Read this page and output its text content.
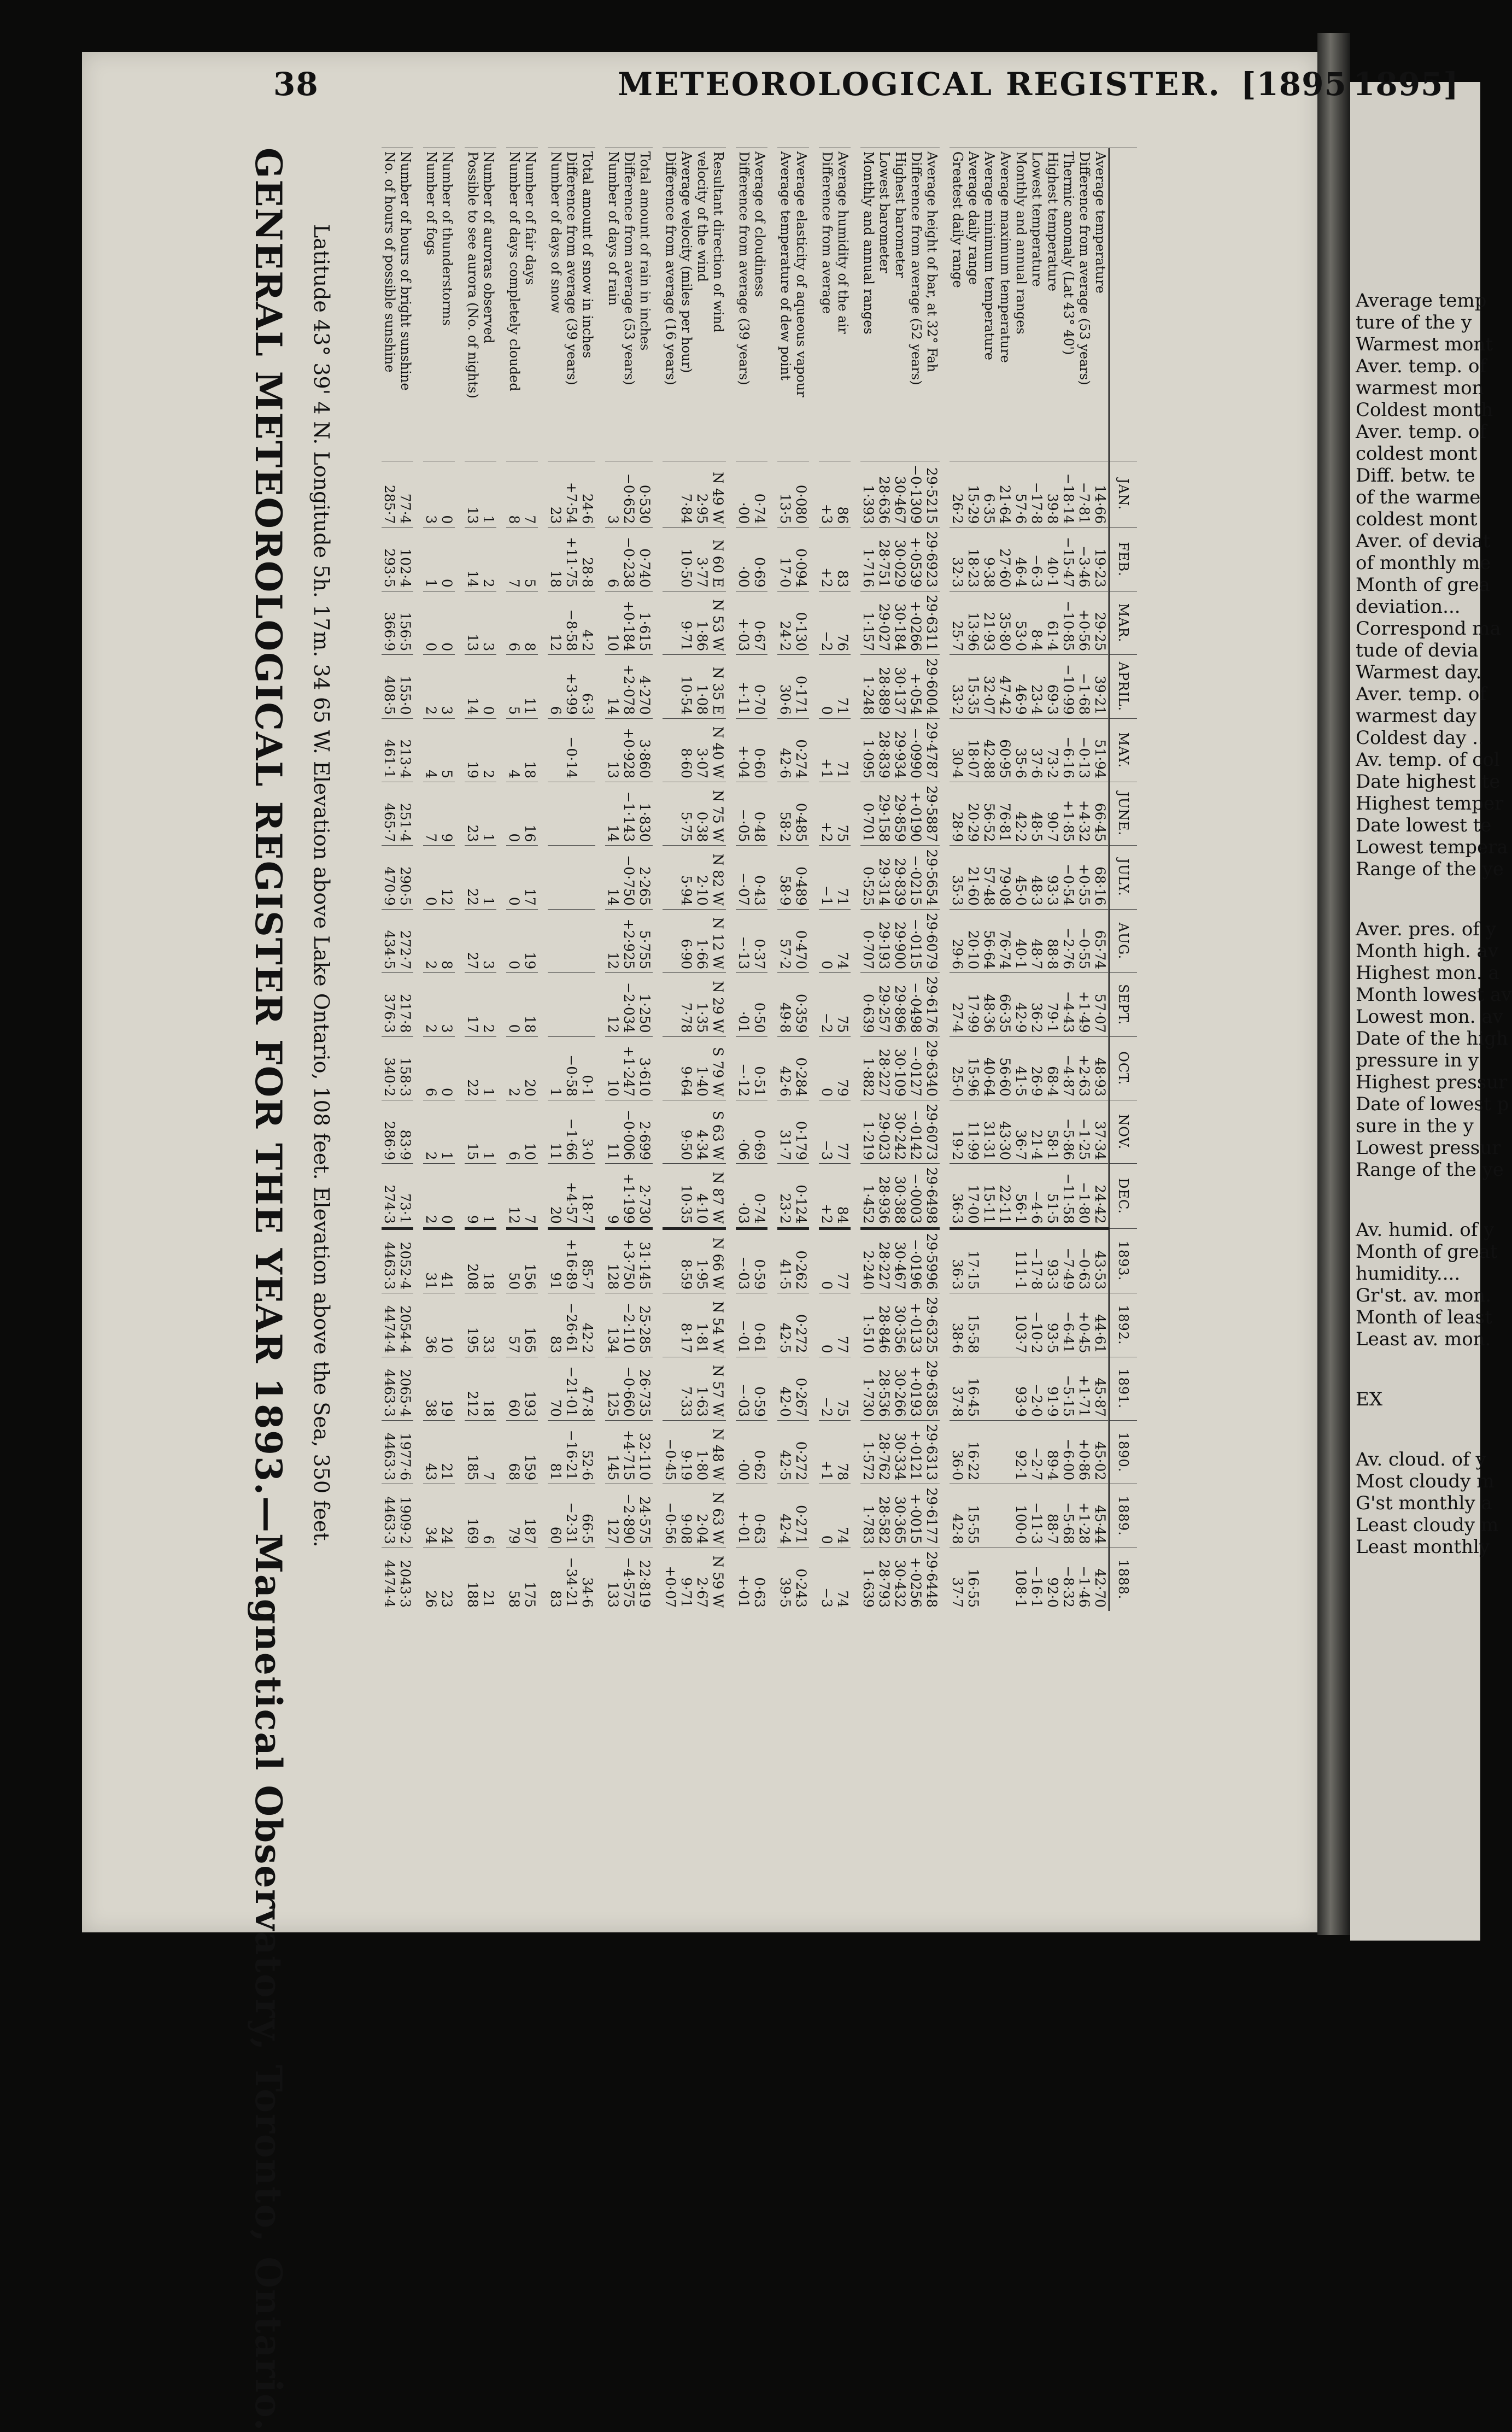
Average temp
ture of the y
Warmest mont
Aver. temp. of
warmest mon
Coldest month
Aver. temp. of
coldest mont
Diff. betw. te
of the warme
coldest mont
Aver. of deviat
of monthly me
Month of grea
deviation...
Correspond ma
tude of devia
Warmest day.
Aver. temp. of
warmest day
Coldest day ..
Av. temp. of col
Date highest te
Highest temper
Date lowest te
Lowest tempera
Range of the ye
Aver. pres. of y
Month high. av
Highest mon. a
Month lowest av
Lowest mon. av
Date of the high
pressure in y
Highest pressur
Date of lowest p
sure in the y
Lowest pressur
Range of the ye
Av. humid. of y
Month of great
humidity....
Gr'st. av. mon.
Month of least
Least av. mon.
EX
Av. cloud. of y
Most cloudy m
G'st monthly a
Least cloudy m
Least monthly
38	METEOROLOGICAL REGISTER. [1895 1895]
GENERAL METEOROLOGICAL REGISTER FOR THE YEAR 1893.—Magnetical Observatory, Toronto, Ontario. Latitude 43° 39' 4 N. Longitude 5h. 17m. 34 65 W. Elevation above Lake Ontario, 108 feet. Elevation above the Sea, 350 feet.
		JAN.	FEB.	MAR.	APRIL.	MAY.	JUNE.	JULY.	AUG.	SEPT.	OCT.	NOV.	DEC.	1893.	1892.	1891.	1890.	1889.	1888.
Average temperature	14·66	19·23	29·25	39·21	51·94	66·45	68·16	65·74	57·07	48·93	37·34	24·42	43·53	44·61	45·87	45·02	45·44	42·70
Difference from average (53 years)	−7·81	−3·46	+0·56	−1·68	−0·13	+4·32	+0·55	−0·55	+1·49	+2·63	−1·25	−1·80	−0·63	+0·45	+1·71	+0·86	+1·28	−1·46
Thermic anomaly (Lat 43° 40')	−18·14	−15·47	−10·85	−10·99	−6·16	+1·85	−0·54	−2·76	−4·43	−4·87	−5·86	−11·58	−7·49	−6·41	−5·15	−6·00	−5·68	−8·32
Highest temperature	39·8	40·1	61·4	69·3	73·2	90·7	93·3	88·8	79·1	68·4	58·1	51·5	93·3	93·5	91·9	89·4	88·7	92·0
Lowest temperature	−17·8	−6·3	8·4	23·4	37·6	48·5	48·3	48·7	36·2	26·9	21·4	−4·6	−17·8	−10·2	−2·0	−2·7	−11·3	−16·1
Monthly and annual ranges	57·6	46·4	53·0	46·9	35·6	42·2	45·0	40·1	42·9	41·5	36·7	56·1	111·1	103·7	93·9	92·1	100·0	108·1
Average maximum temperature	21·64	27·60	35·80	47·42	60·95	76·81	79·08	76·74	66·35	56·60	43·30	22·11						
Average minimum temperature	6·35	9·38	21·93	32·07	42·88	56·52	57·48	56·64	48·36	40·64	31·31	15·11						
Average daily range	15·29	18·23	13·96	15·35	18·07	20·29	21·60	20·10	17·99	15·96	11·99	17·00	17·15	15·58	16·45	16·22	15·55	16·55
Greatest daily range	26·2	32·3	25·7	33·2	30·4	28·9	35·3	29·6	27·4	25·0	19·2	36·3	36·3	38·6	37·8	36·0	42·8	37·7

Average height of bar, at 32° Fah	29·5215	29·6923	29·6311	29·6004	29·4787	29·5887	29·5654	29·6079	29·6176	29·6340	29·6073	29·6498	29·5996	29·6325	29·6385	29·6313	29·6177	29·6448
Difference from average (52 years)	−0·1309	+·0539	+·0266	+·054	−·0990	+·0190	−·0215	−·0115	−·0498	−·0127	−·0142	−·0003	−·0196	+·0133	+·0193	+·0121	+·0015	+·0256
Highest barometer	30·467	30·029	30·184	30·137	29·934	29·859	29·839	29·900	29·896	30·109	30·242	30·388	30·467	30·356	30·266	30·334	30·365	30·432
Lowest barometer	28·636	28·751	29·027	28·889	28·839	29·158	29·314	29·193	29·257	28·227	29·023	28·936	28·227	28·846	28·536	28·762	28·582	28·793
Monthly and annual ranges	1·393	1·716	1·157	1·248	1·095	0·701	0·525	0·707	0·639	1·882	1·219	1·452	2·240	1·510	1·730	1·572	1·783	1·639

Average humidity of the air	86	83	76	71	71	75	71	74	75	79	77	84	77	77	75	78	74	74
Difference from average	+3	+2	−2	0	+1	+2	−1	0	−2	0	−3	+2	0	0	−2	+1	0	−3

Average elasticity of aqueous vapour	0·080	0·094	0·130	0·171	0·274	0·485	0·489	0·470	0·359	0·284	0·179	0·124	0·262	0·272	0·267	0·272	0·271	0·243
Average temperature of dew point	13·5	17·0	24·2	30·6	42·6	58·2	58·9	57·2	49·8	42·6	31·7	23·2	41·5	42·5	42·0	42·5	42·4	39·5

Average of cloudiness	0·74	0·69	0·67	0·70	0·60	0·48	0·43	0·37	0·50	0·51	0·69	0·74	0·59	0·61	0·59	0·62	0·63	0·63
Difference from average (39 years)	·00	·00	+·03	+·11	+·04	−·05	−·07	−·13	·01	−·12	·06	·03	−·03	−·01	−·03	·00	+·01	+·01

Resultant direction of wind	N 49 W	N 60 E	N 53 W	N 35 E	N 40 W	N 75 W	N 82 W	N 12 W	N 29 W	S 79 W	S 63 W	N 87 W	N 66 W	N 54 W	N 57 W	N 48 W	N 63 W	N 59 W
velocity of the wind	2·95	3·77	1·86	1·08	3·07	0·38	2·10	1·66	1·35	1·40	4·34	4·10	1·95	1·81	1·63	1·80	2·04	2·67
Average velocity (miles per hour)	7·84	10·50	9·71	10·54	8·60	5·75	5·94	6·90	7·78	9·64	9·50	10·35	8·59	8·17	7·33	9·19	9·08	9·71
Difference from average (16 years)																−0·45	−0·56	+0·07

Total amount of rain in inches	0·530	0·740	1·615	4·270	3·860	1·830	2·265	5·755	1·250	3·610	2·699	2·730	31·145	25·285	26·735	32·110	24·575	22·819
Difference from average (53 years)	−0·652	−0·238	+0·184	+2·078	+0·928	−1·143	−0·750	+2·925	−2·034	+1·247	−0·006	+1·199	+3·750	−2·110	−0·660	+4·715	−2·890	−4·575
Number of days of rain	3	6	10	14	13	14	14	12	12	10	11	9	128	134	125	145	127	133

Total amount of snow in inches	24·6	28·8	4·2	6·3						0·1	3·0	18·7	85·7	42·2	47·8	52·6	66·5	34·6
Difference from average (39 years)	+7·54	+11·75	−8·58	+3·99	−0·14					−0·58	−1·66	+4·57	+16·89	−26·61	−21·01	−16·21	−2·31	−34·21
Number of days of snow	23	18	12	6						1	11	20	91	83	70	81	60	83

Number of fair days	7	5	8	11	18	16	17	19	18	20	10	7	156	165	193	159	187	175
Number of days completely clouded	8	7	6	5	4	0	0	0	0	2	6	12	50	57	60	68	79	58

Number of auroras observed	1	2	3	0	2	1	1	3	2	1	1	1	18	33	18	7	6	21
Possible to see aurora (No. of nights)	13	14	13	14	19	23	22	27	17	22	15	9	208	195	212	185	169	188

Number of thunderstorms	0	0	0	3	5	9	12	8	3	0	1	0	41	10	19	21	24	23
Number of fogs	3	1	0	2	4	7	0	2	2	6	2	2	31	36	38	43	34	26

Number of hours of bright sunshine	77·4	102·4	156·5	155·0	213·4	251·4	290·5	272·7	217·8	158·3	83·9	73·1	2052·4	2054·4	2065·4	1977·6	1909·2	2043·3
No. of hours of possible sunshine	285·7	293·5	366·9	408·5	461·1	465·7	470·9	434·5	376·3	340·2	286·9	274·3	4463·3	4474·4	4463·3	4463·3	4463·3	4474·4
